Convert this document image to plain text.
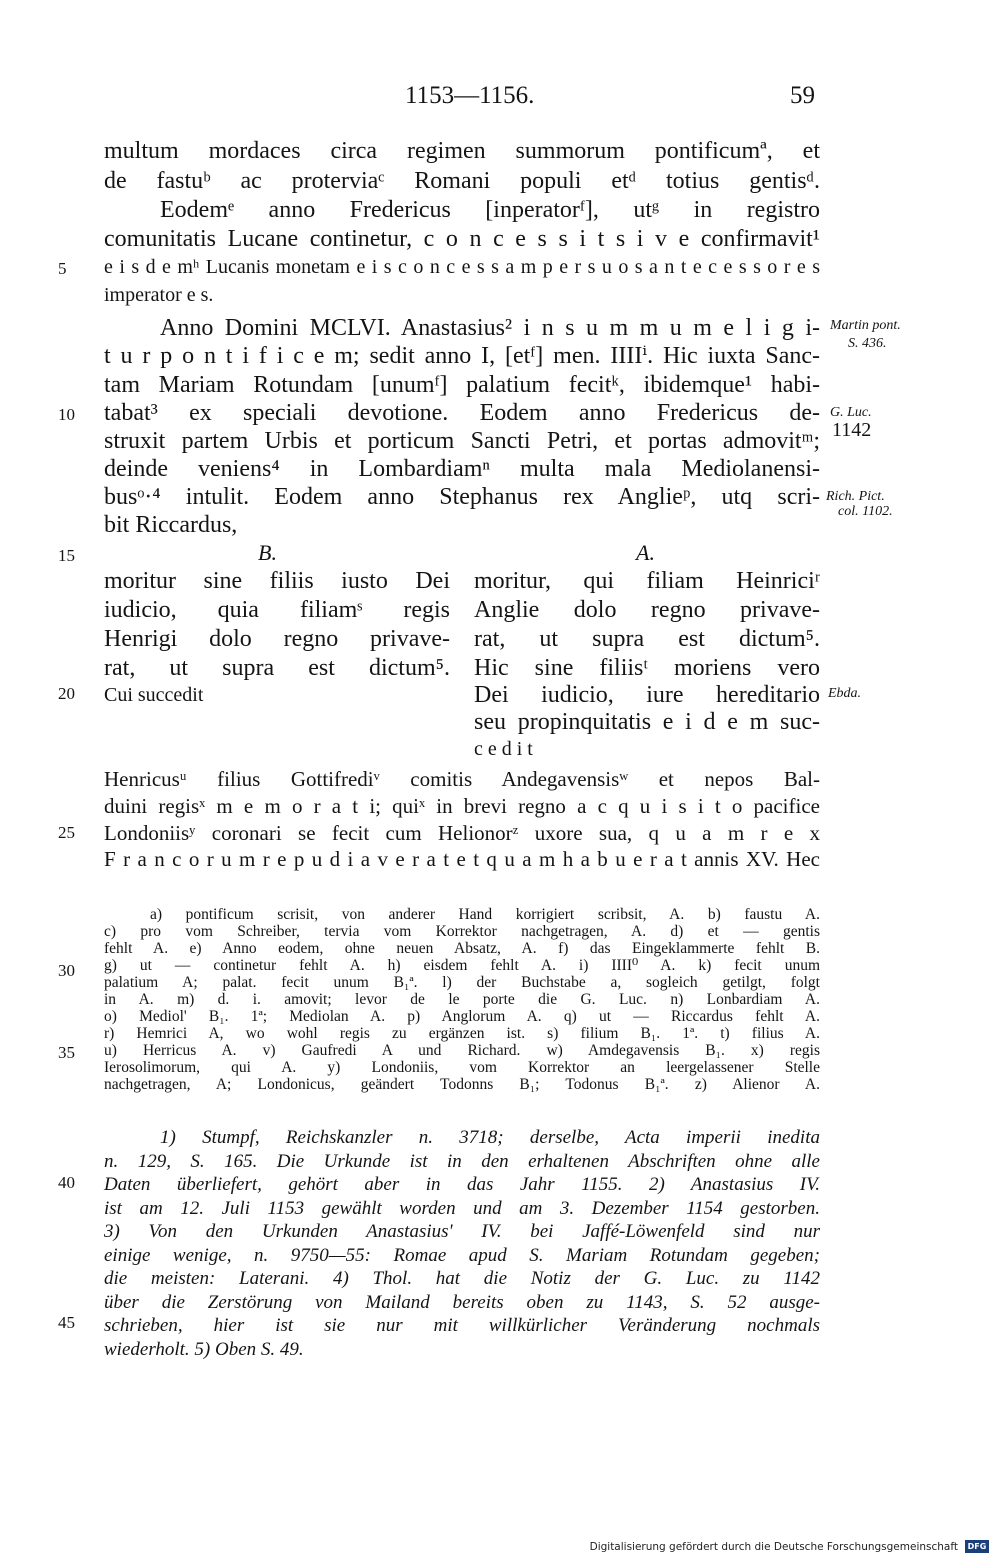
1153—1156.	59
multum mordaces circa regimen summorum pontificumª, et
de fastuᵇ ac proterviaᶜ Romani populi etᵈ totius gentisᵈ.
Eodemᵉ anno Fredericus [inperatorᶠ], utᵍ in registro
comunitatis Lucane continetur, c o n c e s s i t s i v e confirmavit¹
e i s d e mʰ Lucanis monetam e i s c o n c e s s a m p e r s u o s a n t e c e s s o r e s
imperator e s.
Anno Domini MCLVI. Anastasius² i n s u m m u m e l i g i-
t u r p o n t i f i c e m; sedit anno I, [etᶠ] men. IIIIⁱ. Hic iuxta Sanc-
tam Mariam Rotundam [unumᶠ] palatium fecitᵏ, ibidemque¹ habi-
tabat³ ex speciali devotione. Eodem anno Fredericus de-
struxit partem Urbis et porticum Sancti Petri, et portas admovitᵐ;
deinde veniens⁴ in Lombardiamⁿ multa mala Mediolanensi-
busᵒ·⁴ intulit. Eodem anno Stephanus rex Anglieᵖ, utq scri-
bit Riccardus,
5
10
15
20
25
30
35
40
45
Martin pont.
S. 436.
G. Luc.
1142
Rich. Pict.
col. 1102.
Ebda.
B.	A.
moritur sine filiis iusto Dei
iudicio, quia filiamˢ regis
Henrigi dolo regno privave-
rat, ut supra est dictum⁵.
Cui succedit
moritur, qui filiam Heinriciʳ
Anglie dolo regno privave-
rat, ut supra est dictum⁵.
Hic sine filiisᵗ moriens vero
Dei iudicio, iure hereditario
seu propinquitatis e i d e m suc-
c e d i t
Henricusᵘ filius Gottifrediᵛ comitis Andegavensisʷ et nepos Bal-
duini regisˣ m e m o r a t i; quiˣ in brevi regno a c q u i s i t o pacifice
Londoniisʸ coronari se fecit cum Helionorᶻ uxore sua, q u a m r e x
F r a n c o r u m r e p u d i a v e r a t e t q u a m h a b u e r a t annis XV. Hec
a) pontificum scrisit, von anderer Hand korrigiert scribsit, A. b) faustu A.
c) pro vom Schreiber, tervia vom Korrektor nachgetragen, A. d) et — gentis
fehlt A. e) Anno eodem, ohne neuen Absatz, A. f) das Eingeklammerte fehlt B.
g) ut — continetur fehlt A. h) eisdem fehlt A. i) IIII⁰ A. k) fecit unum
palatium A; palat. fecit unum B₁ª. l) der Buchstabe a, sogleich getilgt, folgt
in A. m) d. i. amovit; levor de le porte die G. Luc. n) Lonbardiam A.
o) Mediol' B₁. 1ª; Mediolan A. p) Anglorum A. q) ut — Riccardus fehlt A.
r) Hemrici A, wo wohl regis zu ergänzen ist. s) filium B₁. 1ª. t) filius A.
u) Herricus A. v) Gaufredi A und Richard. w) Amdegavensis B₁. x) regis
Ierosolimorum, qui A. y) Londoniis, vom Korrektor an leergelassener Stelle
nachgetragen, A; Londonicus, geändert Todonns B₁; Todonus B₁ª. z) Alienor A.
1) Stumpf, Reichskanzler n. 3718; derselbe, Acta imperii inedita
n. 129, S. 165. Die Urkunde ist in den erhaltenen Abschriften ohne alle
Daten überliefert, gehört aber in das Jahr 1155. 2) Anastasius IV.
ist am 12. Juli 1153 gewählt worden und am 3. Dezember 1154 gestorben.
3) Von den Urkunden Anastasius' IV. bei Jaffé-Löwenfeld sind nur
einige wenige, n. 9750—55: Romae apud S. Mariam Rotundam gegeben;
die meisten: Laterani. 4) Thol. hat die Notiz der G. Luc. zu 1142
über die Zerstörung von Mailand bereits oben zu 1143, S. 52 ausge-
schrieben, hier ist sie nur mit willkürlicher Veränderung nochmals
wiederholt. 5) Oben S. 49.
Digitalisierung gefördert durch die Deutsche Forschungsgemeinschaft	DFG
